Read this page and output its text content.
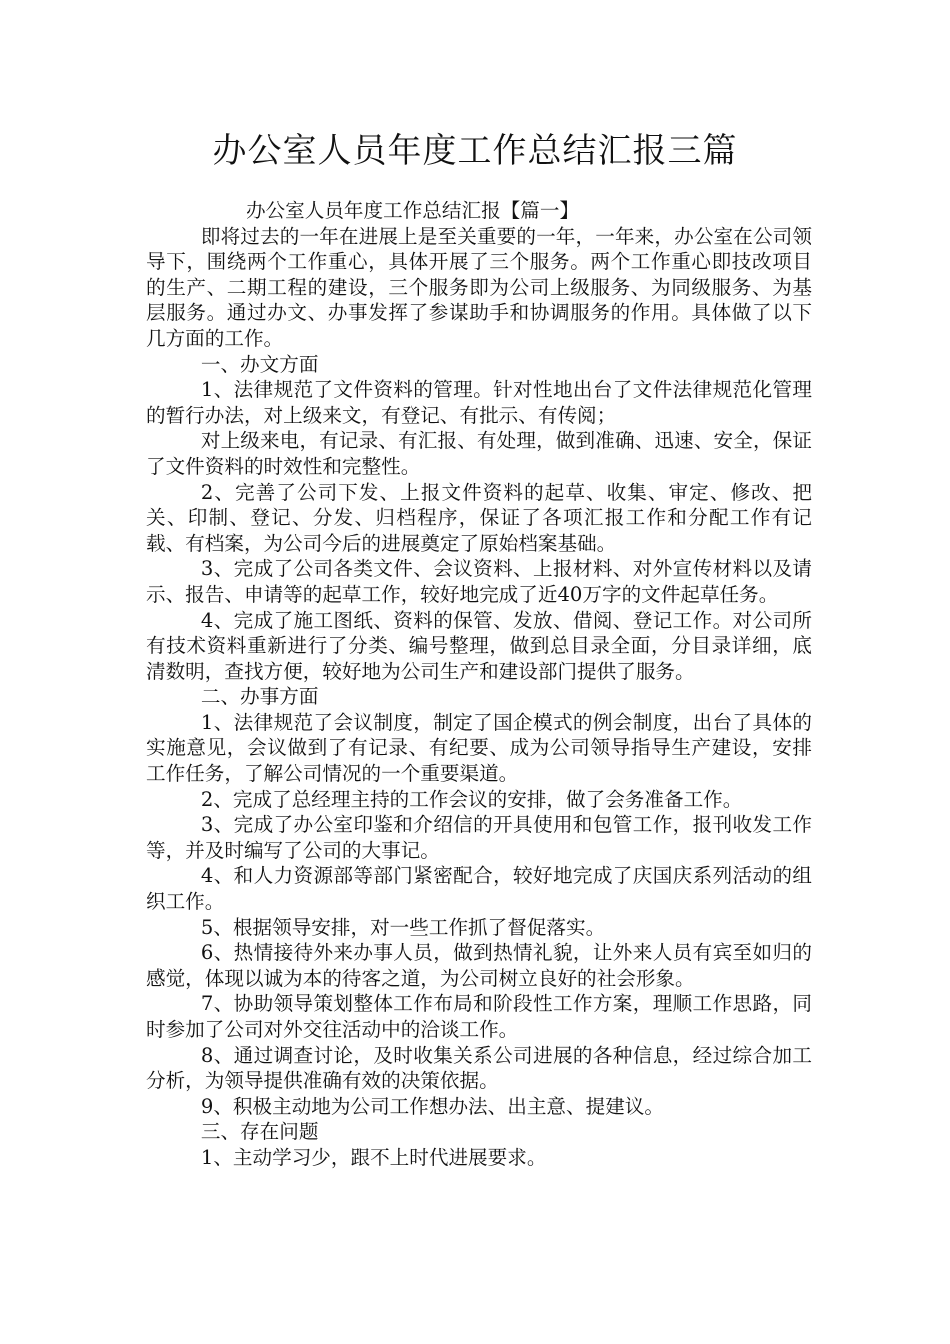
办公室人员年度工作总结汇报三篇

办公室人员年度工作总结汇报【篇一】

即将过去的一年在进展上是至关重要的一年，一年来，办公室在公司领导下，围绕两个工作重心，具体开展了三个服务。两个工作重心即技改项目的生产、二期工程的建设，三个服务即为公司上级服务、为同级服务、为基层服务。通过办文、办事发挥了参谋助手和协调服务的作用。具体做了以下几方面的工作。

一、办文方面

1、法律规范了文件资料的管理。针对性地出台了文件法律规范化管理的暂行办法，对上级来文，有登记、有批示、有传阅；

对上级来电，有记录、有汇报、有处理，做到准确、迅速、安全，保证了文件资料的时效性和完整性。

2、完善了公司下发、上报文件资料的起草、收集、审定、修改、把关、印制、登记、分发、归档程序，保证了各项汇报工作和分配工作有记载、有档案，为公司今后的进展奠定了原始档案基础。

3、完成了公司各类文件、会议资料、上报材料、对外宣传材料以及请示、报告、申请等的起草工作，较好地完成了近40万字的文件起草任务。

4、完成了施工图纸、资料的保管、发放、借阅、登记工作。对公司所有技术资料重新进行了分类、编号整理，做到总目录全面，分目录详细，底清数明，查找方便，较好地为公司生产和建设部门提供了服务。

二、办事方面

1、法律规范了会议制度，制定了国企模式的例会制度，出台了具体的实施意见，会议做到了有记录、有纪要、成为公司领导指导生产建设，安排工作任务，了解公司情况的一个重要渠道。

2、完成了总经理主持的工作会议的安排，做了会务准备工作。

3、完成了办公室印鉴和介绍信的开具使用和包管工作，报刊收发工作等，并及时编写了公司的大事记。

4、和人力资源部等部门紧密配合，较好地完成了庆国庆系列活动的组织工作。

5、根据领导安排，对一些工作抓了督促落实。

6、热情接待外来办事人员，做到热情礼貌，让外来人员有宾至如归的感觉，体现以诚为本的待客之道，为公司树立良好的社会形象。

7、协助领导策划整体工作布局和阶段性工作方案，理顺工作思路，同时参加了公司对外交往活动中的洽谈工作。

8、通过调查讨论，及时收集关系公司进展的各种信息，经过综合加工分析，为领导提供准确有效的决策依据。

9、积极主动地为公司工作想办法、出主意、提建议。

三、存在问题

1、主动学习少，跟不上时代进展要求。
